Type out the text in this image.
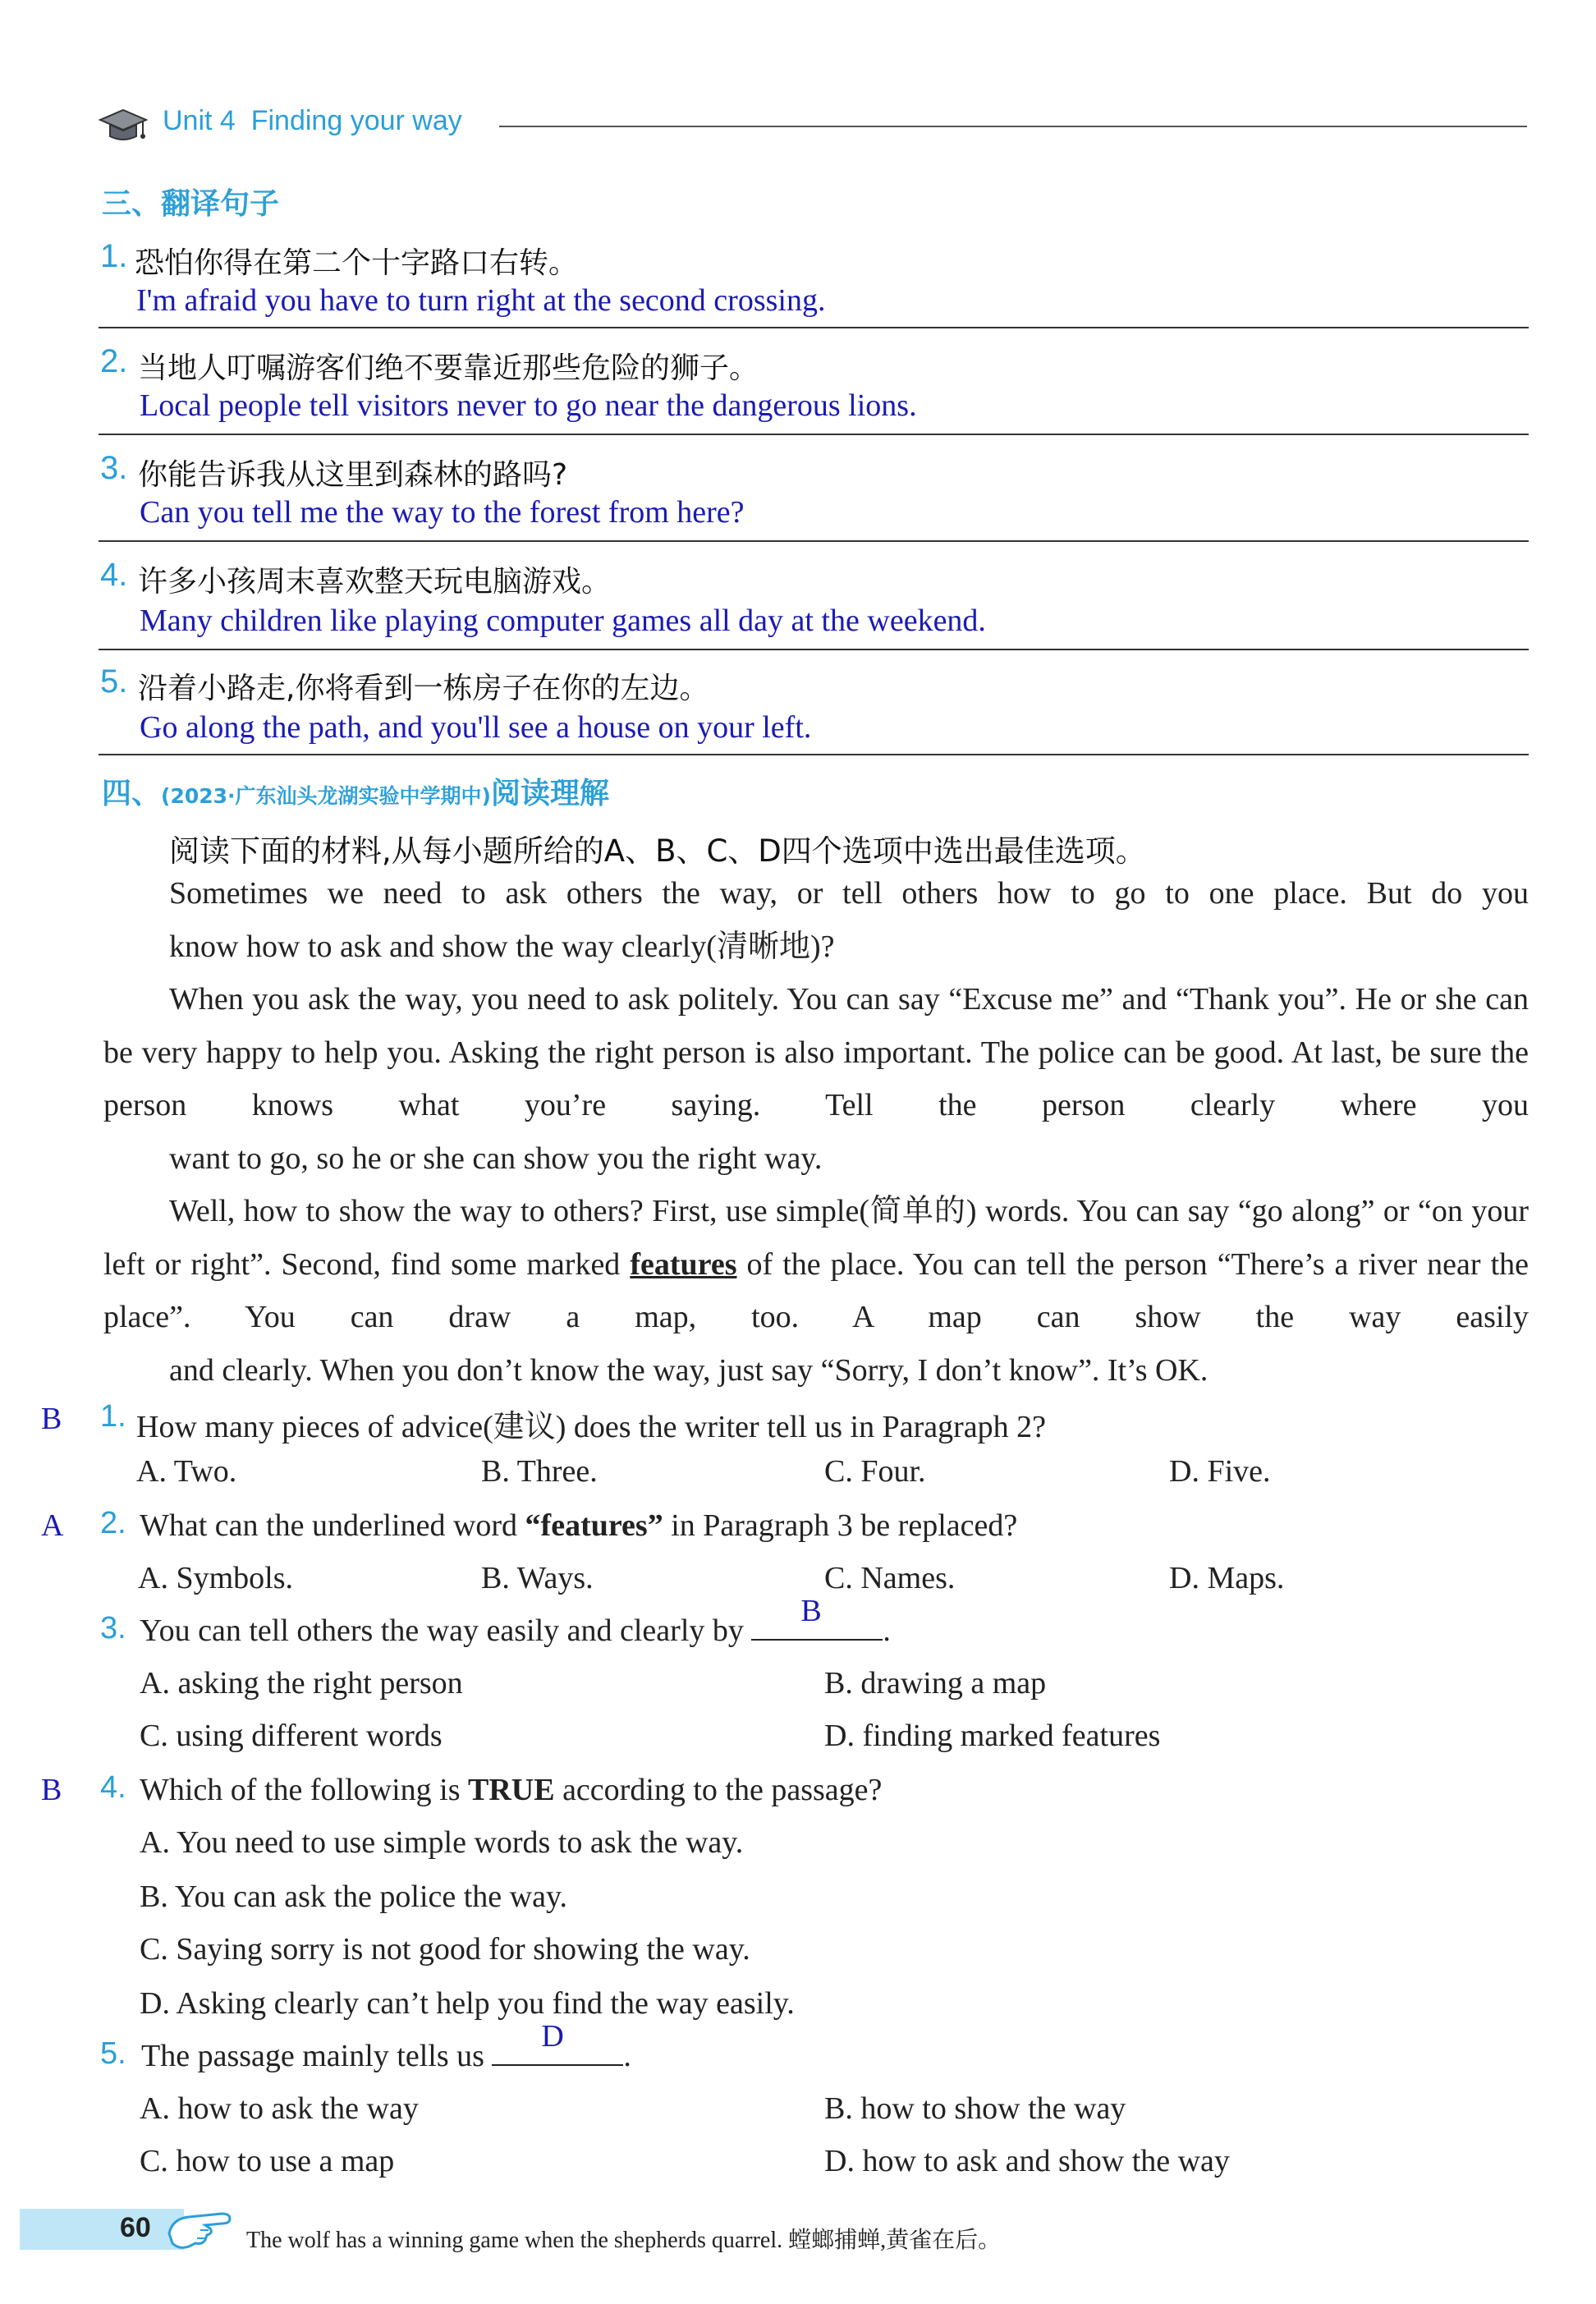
Unit 4 Finding your way
三、翻译句子
1. 恐怕你得在第二个十字路口右转。
I'm afraid you have to turn right at the second crossing.
2. 当地人叮嘱游客们绝不要靠近那些危险的狮子。
Local people tell visitors never to go near the dangerous lions.
3. 你能告诉我从这里到森林的路吗?
Can you tell me the way to the forest from here?
4. 许多小孩周末喜欢整天玩电脑游戏。
Many children like playing computer games all day at the weekend.
5. 沿着小路走,你将看到一栋房子在你的左边。
Go along the path, and you'll see a house on your left.
四、(2023·广东汕头龙湖实验中学期中)阅读理解
阅读下面的材料,从每小题所给的A、B、C、D四个选项中选出最佳选项。
Sometimes we need to ask others the way, or tell others how to go to one place. But do you
know how to ask and show the way clearly(清晰地)?
When you ask the way, you need to ask politely. You can say “Excuse me” and “Thank you”. He or she can be very happy to help you. Asking the right person is also important. The police can be good. At last, be sure the person knows what you’re saying. Tell the person clearly where you
want to go, so he or she can show you the right way.
Well, how to show the way to others? First, use simple(简单的) words. You can say “go along” or “on your left or right”. Second, find some marked features of the place. You can tell the person “There’s a river near the place”. You can draw a map, too. A map can show the way easily
and clearly. When you don’t know the way, just say “Sorry, I don’t know”. It’s OK.
B 1. How many pieces of advice(建议) does the writer tell us in Paragraph 2?
A. Two.	B. Three.	C. Four.	D. Five.
A 2. What can the underlined word “features” in Paragraph 3 be replaced?
A. Symbols.	B. Ways.	C. Names.	D. Maps.
3. You can tell others the way easily and clearly by
B
.
A. asking the right person	B. drawing a map
C. using different words	D. finding marked features
B 4. Which of the following is TRUE according to the passage?
A. You need to use simple words to ask the way.
B. You can ask the police the way.
C. Saying sorry is not good for showing the way.
D. Asking clearly can’t help you find the way easily.
5. The passage mainly tells us
D
.
A. how to ask the way	B. how to show the way
C. how to use a map	D. how to ask and show the way
60	The wolf has a winning game when the shepherds quarrel. 螳螂捕蝉,黄雀在后。
